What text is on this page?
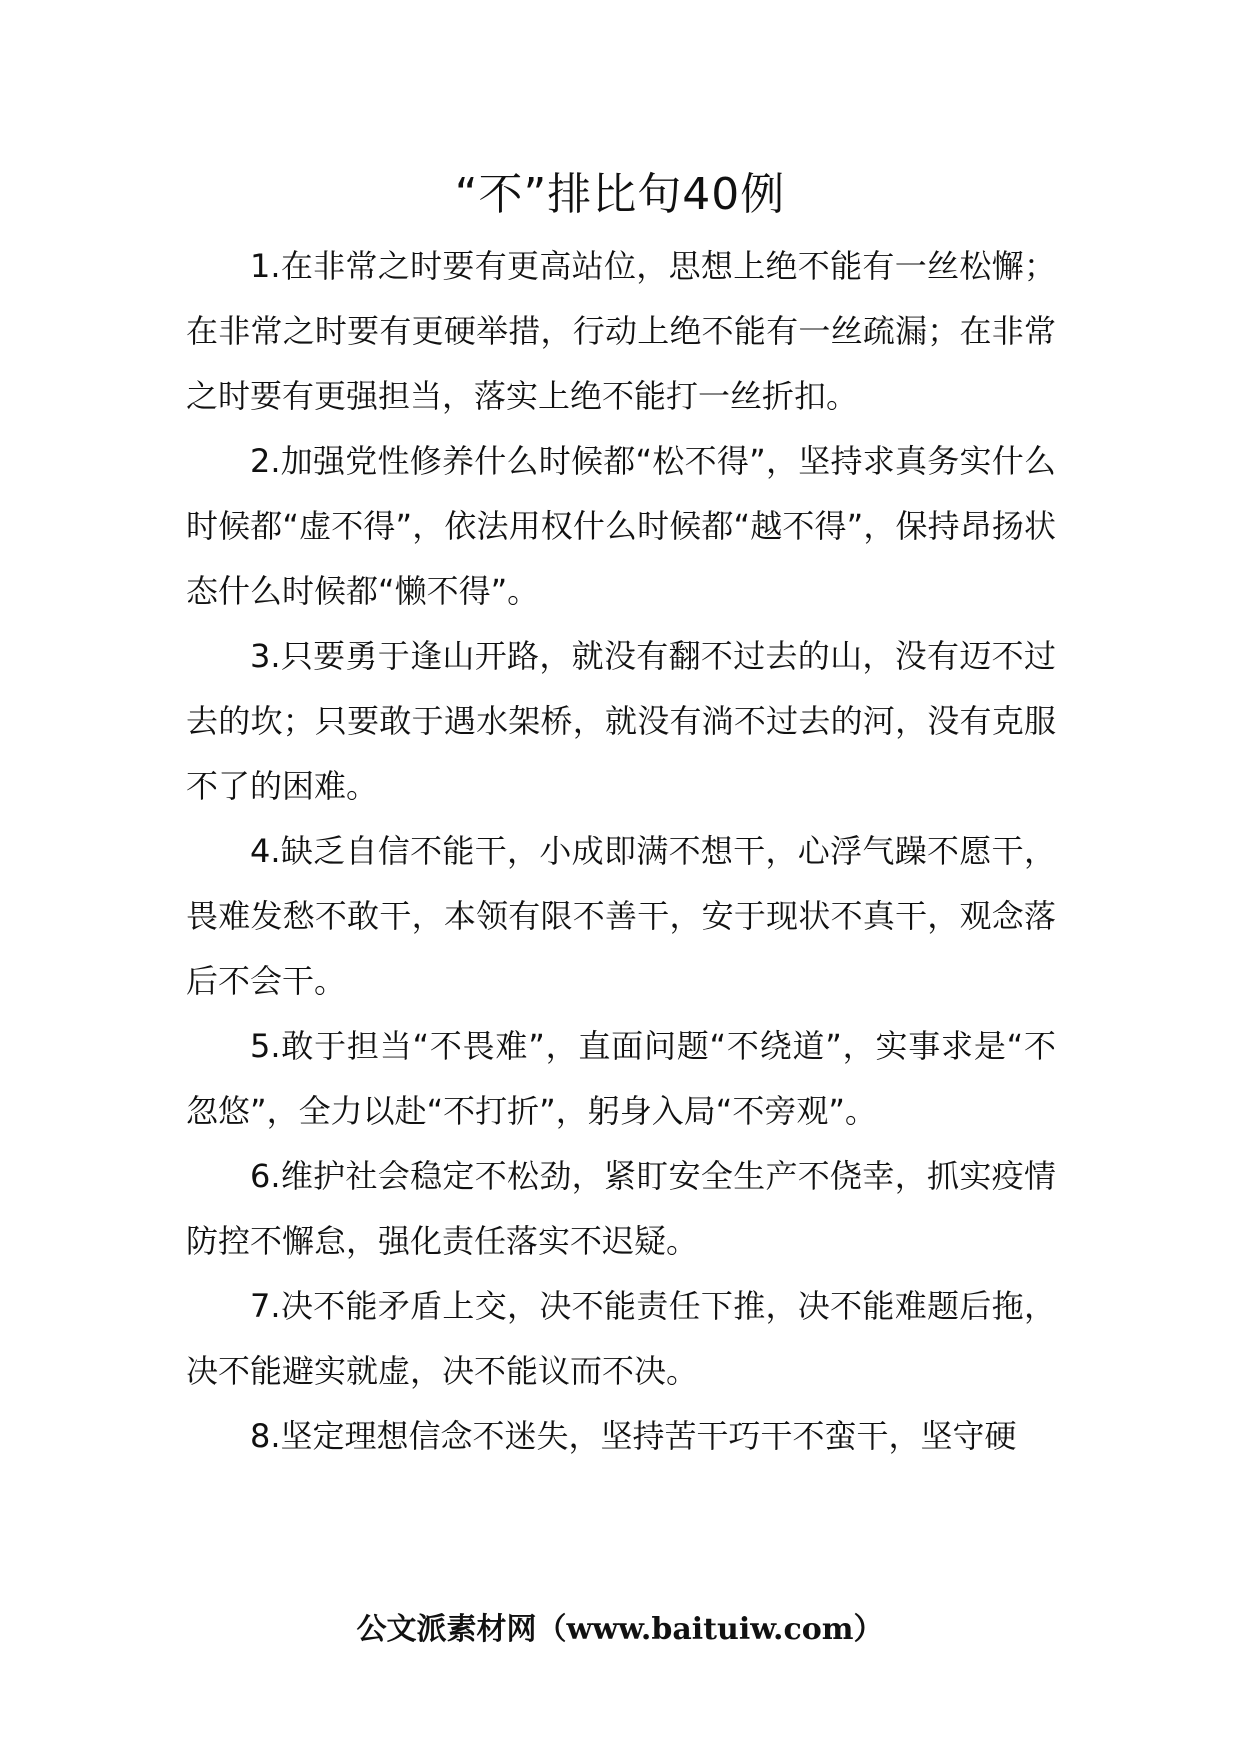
“不”排比句40例

1.在非常之时要有更高站位，思想上绝不能有一丝松懈；在非常之时要有更硬举措，行动上绝不能有一丝疏漏；在非常之时要有更强担当，落实上绝不能打一丝折扣。

2.加强党性修养什么时候都“松不得”，坚持求真务实什么时候都“虚不得”，依法用权什么时候都“越不得”，保持昂扬状态什么时候都“懒不得”。

3.只要勇于逢山开路，就没有翻不过去的山，没有迈不过去的坎；只要敢于遇水架桥，就没有淌不过去的河，没有克服不了的困难。

4.缺乏自信不能干，小成即满不想干，心浮气躁不愿干，畏难发愁不敢干，本领有限不善干，安于现状不真干，观念落后不会干。

5.敢于担当“不畏难”，直面问题“不绕道”，实事求是“不忽悠”，全力以赴“不打折”，躬身入局“不旁观”。

6.维护社会稳定不松劲，紧盯安全生产不侥幸，抓实疫情防控不懈怠，强化责任落实不迟疑。

7.决不能矛盾上交，决不能责任下推，决不能难题后拖，决不能避实就虚，决不能议而不决。

8.坚定理想信念不迷失，坚持苦干巧干不蛮干，坚守硬

公文派素材网（www.baituiw.com）
